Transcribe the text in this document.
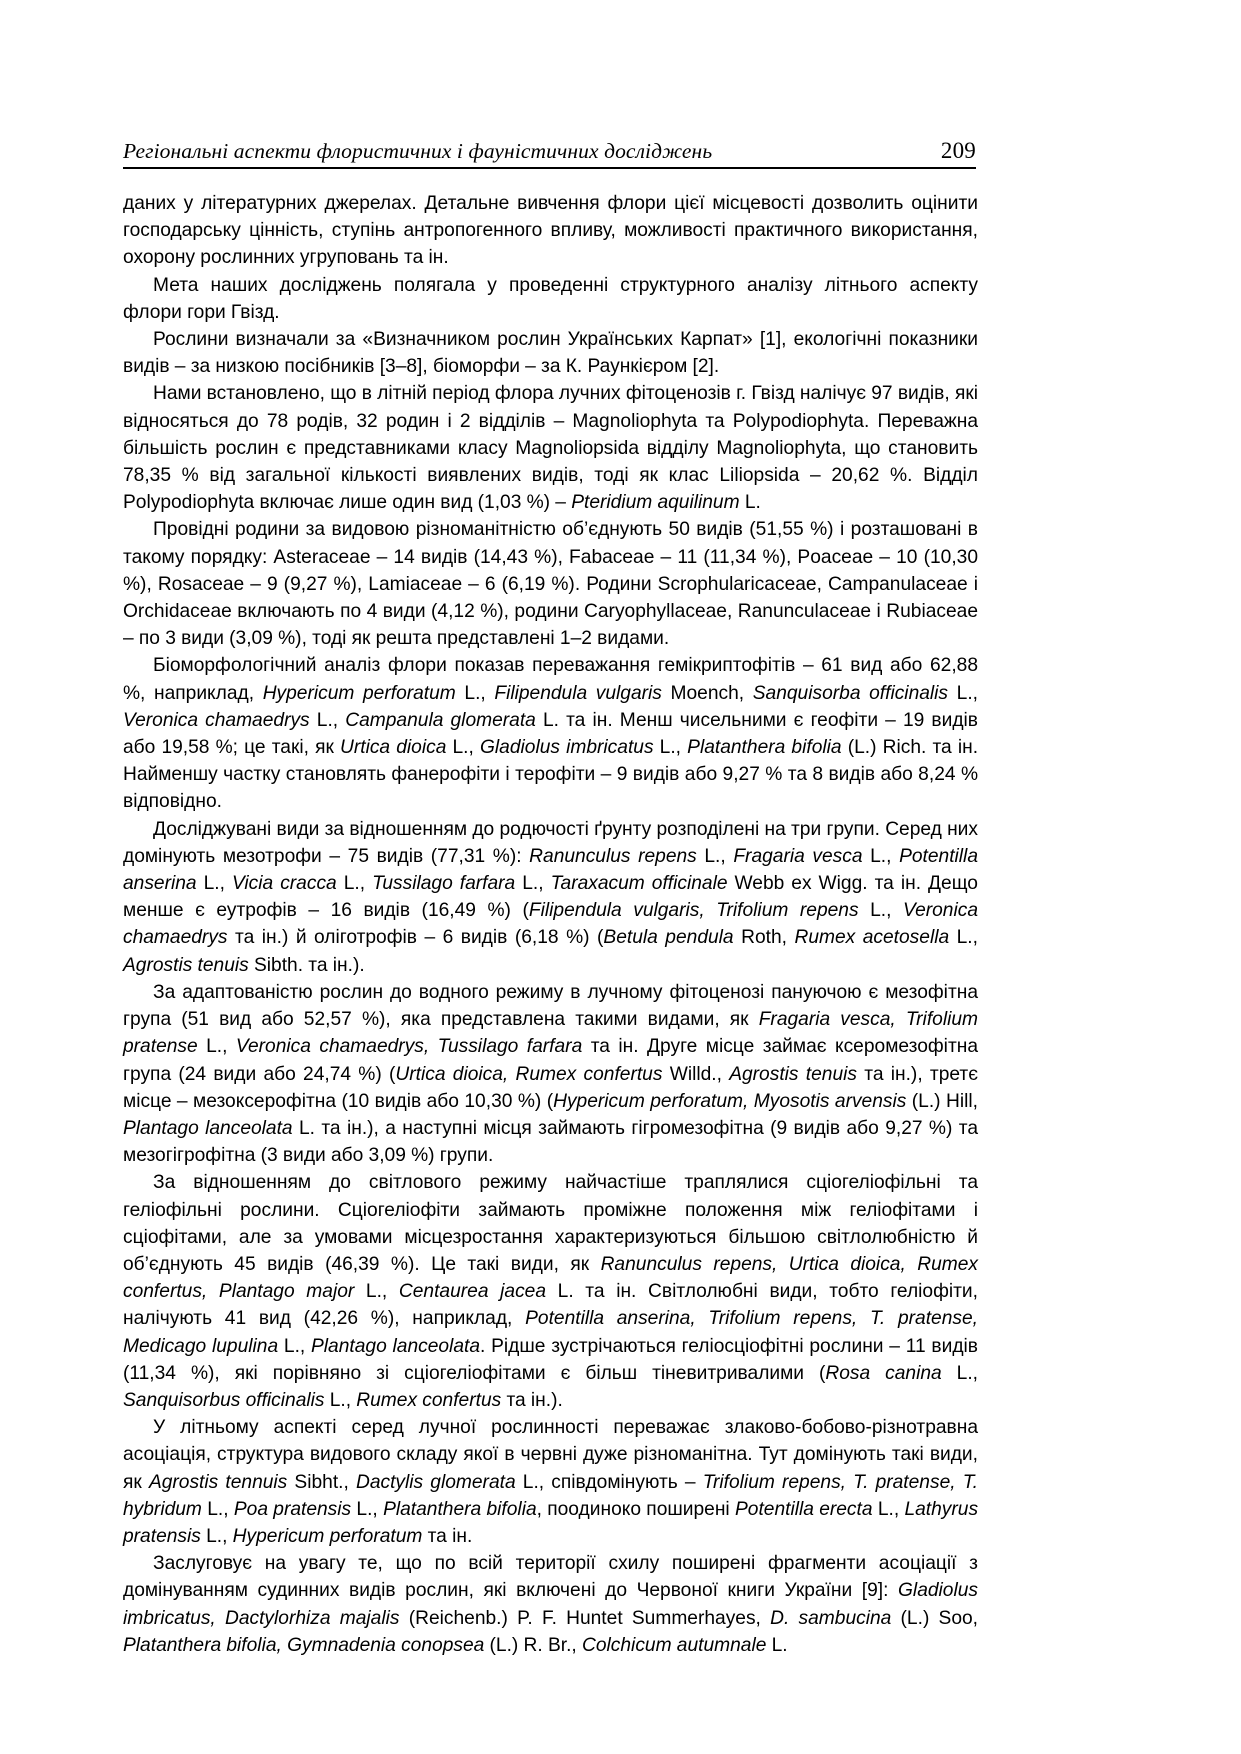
Регіональні аспекти флористичних і фауністичних досліджень	209

даних у літературних джерелах. Детальне вивчення флори цієї місцевості дозволить оцінити господарську цінність, ступінь антропогенного впливу, можливості практичного використання, охорону рослинних угруповань та ін.

Мета наших досліджень полягала у проведенні структурного аналізу літнього аспекту флори гори Гвізд.

Рослини визначали за «Визначником рослин Українських Карпат» [1], екологічні показники видів – за низкою посібників [3–8], біоморфи – за К. Раункієром [2].

Нами встановлено, що в літній період флора лучних фітоценозів г. Гвізд налічує 97 видів, які відносяться до 78 родів, 32 родин і 2 відділів – Magnoliophyta та Polypodiophyta. Переважна більшість рослин є представниками класу Magnoliopsida відділу Magnoliophyta, що становить 78,35 % від загальної кількості виявлених видів, тоді як клас Liliopsida – 20,62 %. Відділ Polypodiophyta включає лише один вид (1,03 %) – Pteridium aquilinum L.

Провідні родини за видовою різноманітністю об’єднують 50 видів (51,55 %) і розташовані в такому порядку: Asteraceae – 14 видів (14,43 %), Fabaceae – 11 (11,34 %), Poaceae – 10 (10,30 %), Rosaceae – 9 (9,27 %), Lamiaceae – 6 (6,19 %). Родини Scrophularicaceae, Campanulaceae і Orchidaceae включають по 4 види (4,12 %), родини Caryophyllaceae, Ranunculaceae і Rubiaceae – по 3 види (3,09 %), тоді як решта представлені 1–2 видами.

Біоморфологічний аналіз флори показав переважання гемікриптофітів – 61 вид або 62,88 %, наприклад, Hypericum perforatum L., Filipendula vulgaris Moench, Sanquisorba officinalis L., Veronica chamaedrys L., Campanula glomerata L. та ін. Менш чисельними є геофіти – 19 видів або 19,58 %; це такі, як Urtica dioica L., Gladiolus imbricatus L., Platanthera bifolia (L.) Rich. та ін. Найменшу частку становлять фанерофіти і терофіти – 9 видів або 9,27 % та 8 видів або 8,24 % відповідно.

Досліджувані види за відношенням до родючості ґрунту розподілені на три групи. Серед них домінують мезотрофи – 75 видів (77,31 %): Ranunculus repens L., Fragaria vesca L., Potentilla anserina L., Vicia cracca L., Tussilago farfara L., Taraxacum officinale Webb ex Wigg. та ін. Дещо менше є еутрофів – 16 видів (16,49 %) (Filipendula vulgaris, Trifolium repens L., Veronica chamaedrys та ін.) й оліготрофів – 6 видів (6,18 %) (Betula pendula Roth, Rumex acetosella L., Agrostis tenuis Sibth. та ін.).

За адаптованістю рослин до водного режиму в лучному фітоценозі пануючою є мезофітна група (51 вид або 52,57 %), яка представлена такими видами, як Fragaria vesca, Trifolium pratense L., Veronica chamaedrys, Tussilago farfara та ін. Друге місце займає ксеромезофітна група (24 види або 24,74 %) (Urtica dioica, Rumex confertus Willd., Agrostis tenuis та ін.), третє місце – мезоксерофітна (10 видів або 10,30 %) (Hypericum perforatum, Myosotis arvensis (L.) Hill, Plantago lanceolata L. та ін.), а наступні місця займають гігромезофітна (9 видів або 9,27 %) та мезогігрофітна (3 види або 3,09 %) групи.

За відношенням до світлового режиму найчастіше траплялися сціогеліофільні та геліофільні рослини. Сціогеліофіти займають проміжне положення між геліофітами і сціофітами, але за умовами місцезростання характеризуються більшою світлолюбністю й об’єднують 45 видів (46,39 %). Це такі види, як Ranunculus repens, Urtica dioica, Rumex confertus, Plantago major L., Centaurea jacea L. та ін. Світлолюбні види, тобто геліофіти, налічують 41 вид (42,26 %), наприклад, Potentilla anserina, Trifolium repens, T. pratense, Medicago lupulina L., Plantago lanceolata. Рідше зустрічаються геліосціофітні рослини – 11 видів (11,34 %), які порівняно зі сціогеліофітами є більш тіневитривалими (Rosa canina L., Sanquisorbus officinalis L., Rumex confertus та ін.).

У літньому аспекті серед лучної рослинності переважає злаково-бобово-різнотравна асоціація, структура видового складу якої в червні дуже різноманітна. Тут домінують такі види, як Agrostis tennuis Sibht., Dactylis glomerata L., співдомінують – Trifolium repens, T. pratense, T. hybridum L., Poa pratensis L., Platanthera bifolia, поодиноко поширені Potentilla erecta L., Lathyrus pratensis L., Hypericum perforatum та ін.

Заслуговує на увагу те, що по всій території схилу поширені фрагменти асоціації з домінуванням судинних видів рослин, які включені до Червоної книги України [9]: Gladiolus imbricatus, Dactylorhiza majalis (Reichenb.) P. F. Huntet Summerhayes, D. sambucina (L.) Soo, Platanthera bifolia, Gymnadenia conopsea (L.) R. Br., Colchicum autumnale L.
